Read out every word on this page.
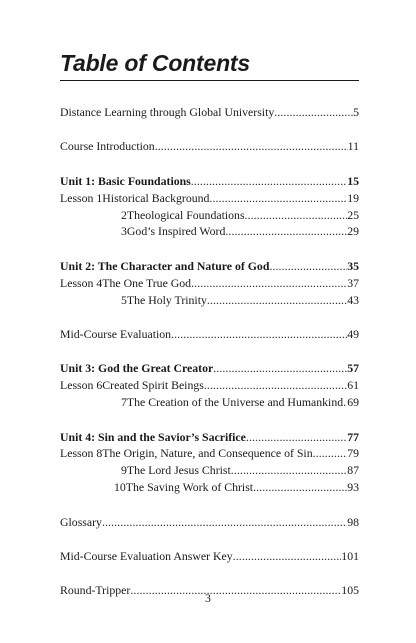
Table of Contents
Distance Learning through Global University .....	5
Course Introduction .....	11
Unit 1: Basic Foundations .....	15
Lesson 1 Historical Background .....	19
2 Theological Foundations .....	25
3 God’s Inspired Word .....	29
Unit 2: The Character and Nature of God .....	35
Lesson 4 The One True God .....	37
5 The Holy Trinity .....	43
Mid-Course Evaluation .....	49
Unit 3: God the Great Creator .....	57
Lesson 6 Created Spirit Beings .....	61
7 The Creation of the Universe and Humankind ..... 69
Unit 4: Sin and the Savior’s Sacrifice .....	77
Lesson 8 The Origin, Nature, and Consequence of Sin .....	79
9 The Lord Jesus Christ .....	87
10 The Saving Work of Christ .....	93
Glossary .....	98
Mid-Course Evaluation Answer Key .....	101
Round-Tripper .....	105
3
